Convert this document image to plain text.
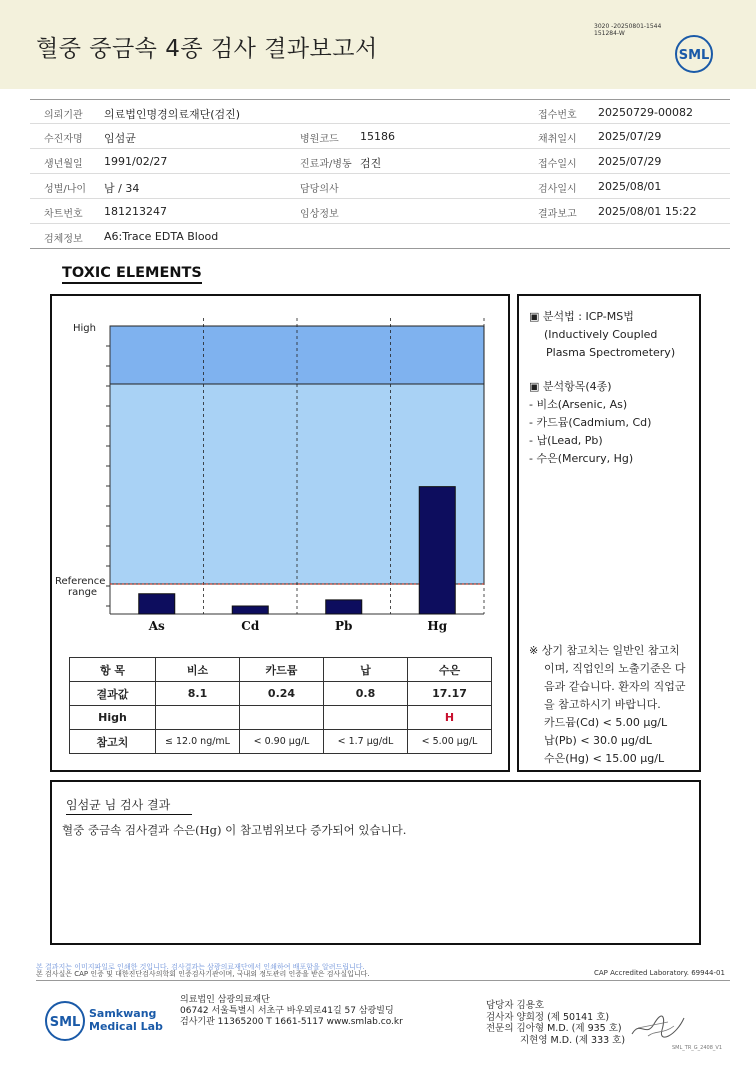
혈중 중금속 4종 검사 결과보고서
3020 -20250801-1544
151284-W
SML
의뢰기관 의료법인명경의료재단(검진)	접수번호 20250729-00082
수진자명 임섬균	병원코드 15186	채취일시 2025/07/29
생년월일 1991/02/27	진료과/병동 검진	접수일시 2025/07/29
성별/나이 남 / 34	담당의사	검사일시 2025/08/01
차트번호 181213247	임상정보	결과보고 2025/08/01 15:22
검체정보 A6:Trace EDTA Blood
TOXIC ELEMENTS
High
Reference
range
As	Cd	Pb	Hg
항 목	비소	카드뮴	납	수은
결과값	8.1	0.24	0.8	17.17
High				H
참고치	≤ 12.0 ng/mL	< 0.90 µg/L	< 1.7 µg/dL	< 5.00 µg/L
▣ 분석법 : ICP-MS법
(Inductively Coupled
Plasma Spectrometery)
▣ 분석항목(4종)
- 비소(Arsenic, As)
- 카드뮴(Cadmium, Cd)
- 납(Lead, Pb)
- 수은(Mercury, Hg)
※ 상기 참고치는 일반인 참고치
이며, 직업인의 노출기준은 다
음과 같습니다. 환자의 직업군
을 참고하시기 바랍니다.
카드뮴(Cd) < 5.00 µg/L
납(Pb) < 30.0 µg/dL
수은(Hg) < 15.00 µg/L
임섬균 님 검사 결과
혈중 중금속 검사결과 수은(Hg) 이 참고범위보다 증가되어 있습니다.
본 결과지는 이미지파일로 인쇄한 것입니다. 검사결과는 삼광의료재단에서 인쇄하여 배포함을 알려드립니다.
본 검사실은 CAP 인증 및 대한진단검사의학회 인증검사기관이며, 국내외 정도관리 인증을 받은 검사실입니다.	CAP Accredited Laboratory. 69944-01
SML
Samkwang
Medical Lab
의료법인 삼광의료재단
06742 서울특별시 서초구 바우뫼로41길 57 삼광빌딩
검사기관 11365200 T 1661-5117 www.smlab.co.kr
담당자 김용호
검사자 양희정 (제 50141 호)
전문의 김아형 M.D. (제 935 호)
지현영 M.D. (제 333 호)
SML_TR_G_2408_V1
